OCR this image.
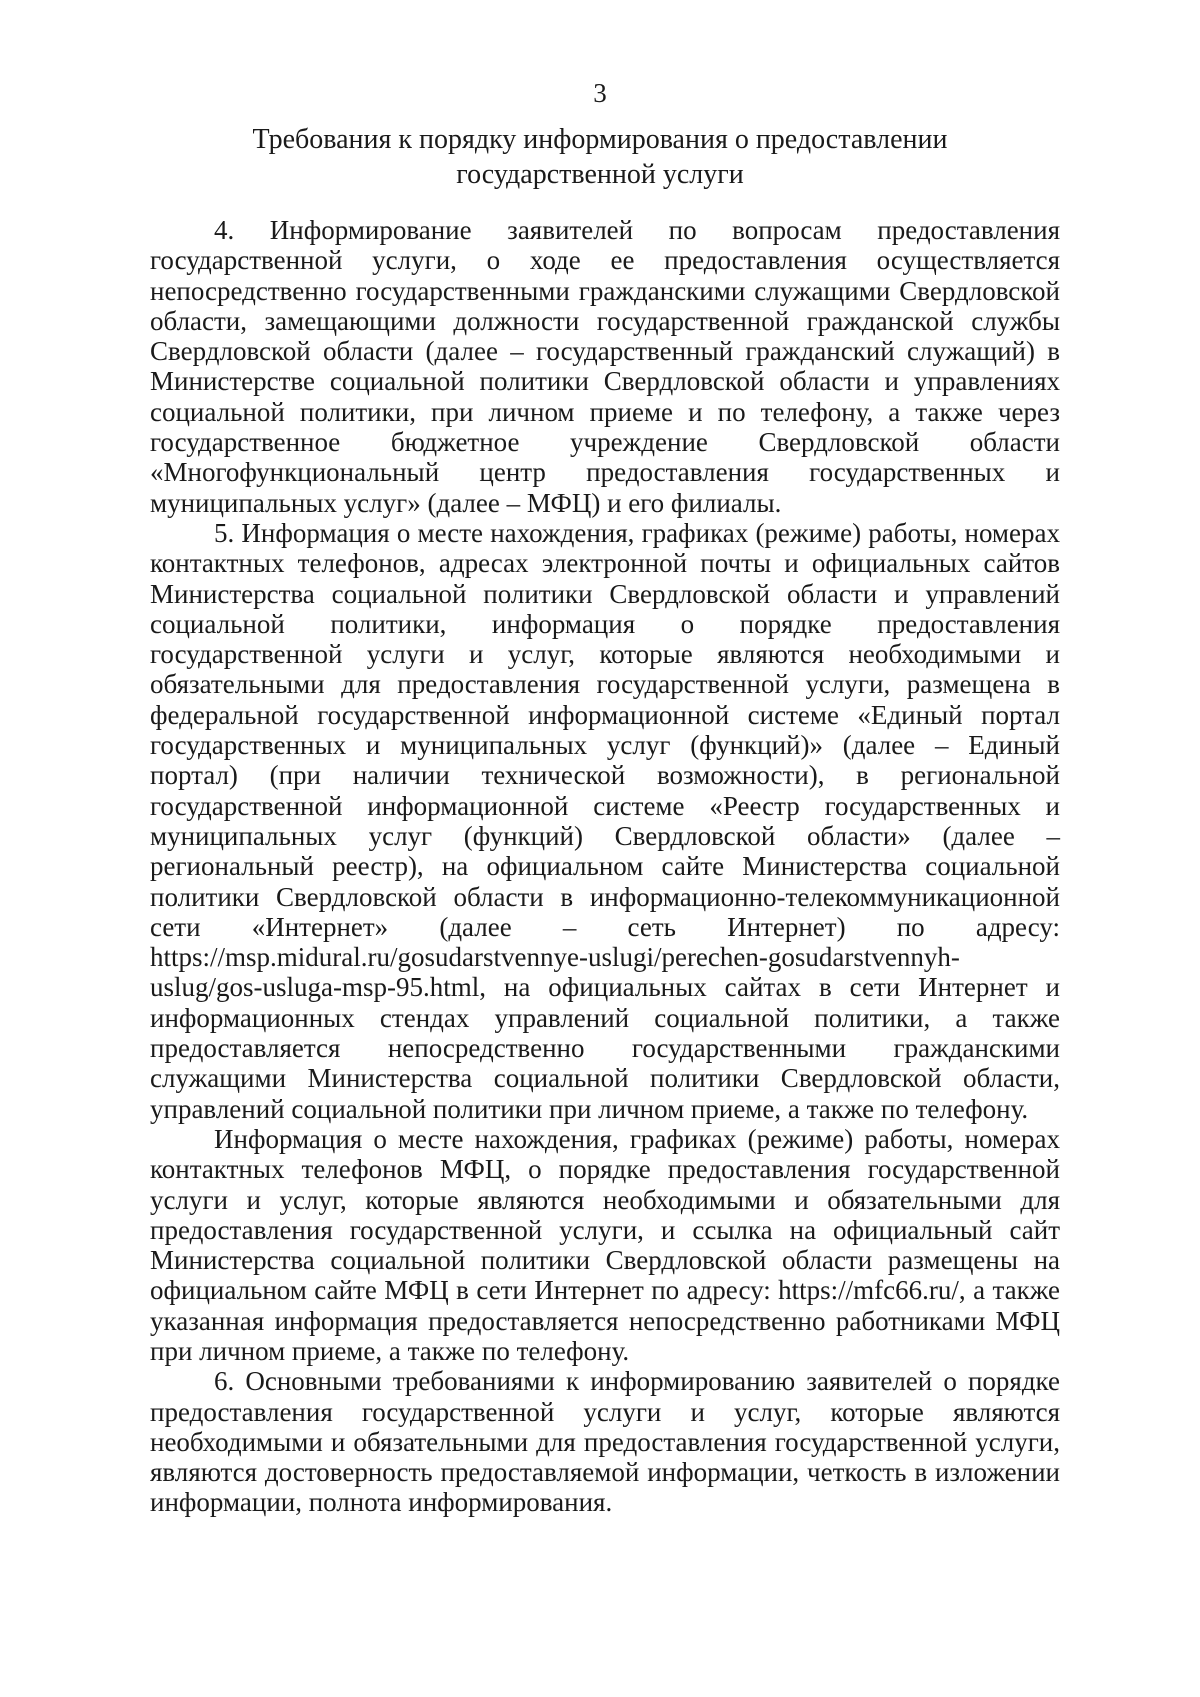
3
Требования к порядку информирования о предоставлении государственной услуги

4. Информирование заявителей по вопросам предоставления государственной услуги, о ходе ее предоставления осуществляется непосредственно государственными гражданскими служащими Свердловской области, замещающими должности государственной гражданской службы Свердловской области (далее – государственный гражданский служащий) в Министерстве социальной политики Свердловской области и управлениях социальной политики, при личном приеме и по телефону, а также через государственное бюджетное учреждение Свердловской области «Многофункциональный центр предоставления государственных и муниципальных услуг» (далее – МФЦ) и его филиалы.

5. Информация о месте нахождения, графиках (режиме) работы, номерах контактных телефонов, адресах электронной почты и официальных сайтов Министерства социальной политики Свердловской области и управлений социальной политики, информация о порядке предоставления государственной услуги и услуг, которые являются необходимыми и обязательными для предоставления государственной услуги, размещена в федеральной государственной информационной системе «Единый портал государственных и муниципальных услуг (функций)» (далее – Единый портал) (при наличии технической возможности), в региональной государственной информационной системе «Реестр государственных и муниципальных услуг (функций) Свердловской области» (далее – региональный реестр), на официальном сайте Министерства социальной политики Свердловской области в информационно-телекоммуникационной сети «Интернет» (далее – сеть Интернет) по адресу: https://msp.midural.ru/gosudarstvennye-uslugi/perechen-gosudarstvennyh-uslug/gos-usluga-msp-95.html, на официальных сайтах в сети Интернет и информационных стендах управлений социальной политики, а также предоставляется непосредственно государственными гражданскими служащими Министерства социальной политики Свердловской области, управлений социальной политики при личном приеме, а также по телефону.

Информация о месте нахождения, графиках (режиме) работы, номерах контактных телефонов МФЦ, о порядке предоставления государственной услуги и услуг, которые являются необходимыми и обязательными для предоставления государственной услуги, и ссылка на официальный сайт Министерства социальной политики Свердловской области размещены на официальном сайте МФЦ в сети Интернет по адресу: https://mfc66.ru/, а также указанная информация предоставляется непосредственно работниками МФЦ при личном приеме, а также по телефону.

6. Основными требованиями к информированию заявителей о порядке предоставления государственной услуги и услуг, которые являются необходимыми и обязательными для предоставления государственной услуги, являются достоверность предоставляемой информации, четкость в изложении информации, полнота информирования.
